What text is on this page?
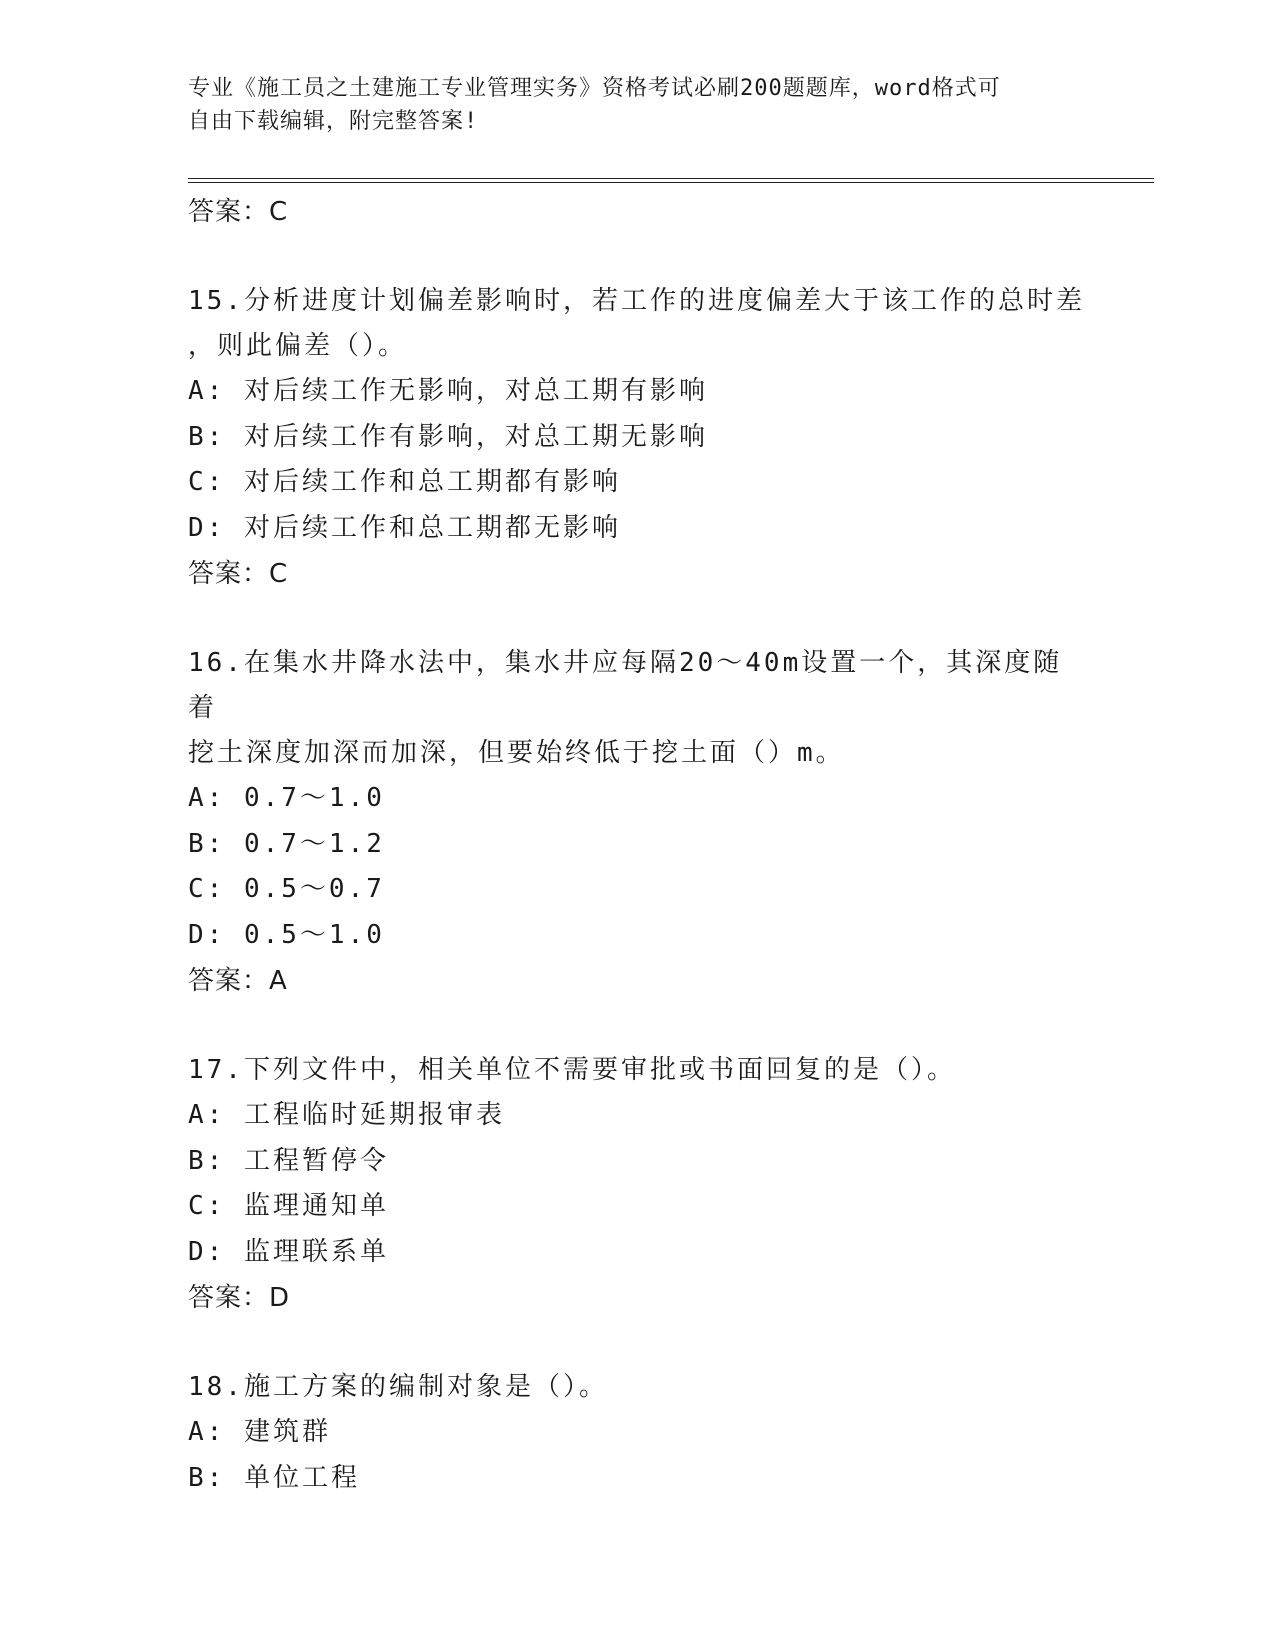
专业《施工员之土建施工专业管理实务》资格考试必刷200题题库，word格式可
自由下载编辑，附完整答案!
答案：C
15.分析进度计划偏差影响时，若工作的进度偏差大于该工作的总时差
，则此偏差（）。
A: 对后续工作无影响，对总工期有影响
B: 对后续工作有影响，对总工期无影响
C: 对后续工作和总工期都有影响
D: 对后续工作和总工期都无影响
答案：C
16.在集水井降水法中，集水井应每隔20～40m设置一个，其深度随着
挖土深度加深而加深，但要始终低于挖土面（）m。
A: 0.7～1.0
B: 0.7～1.2
C: 0.5～0.7
D: 0.5～1.0
答案：A
17.下列文件中，相关单位不需要审批或书面回复的是（）。
A: 工程临时延期报审表
B: 工程暂停令
C: 监理通知单
D: 监理联系单
答案：D
18.施工方案的编制对象是（）。
A: 建筑群
B: 单位工程
